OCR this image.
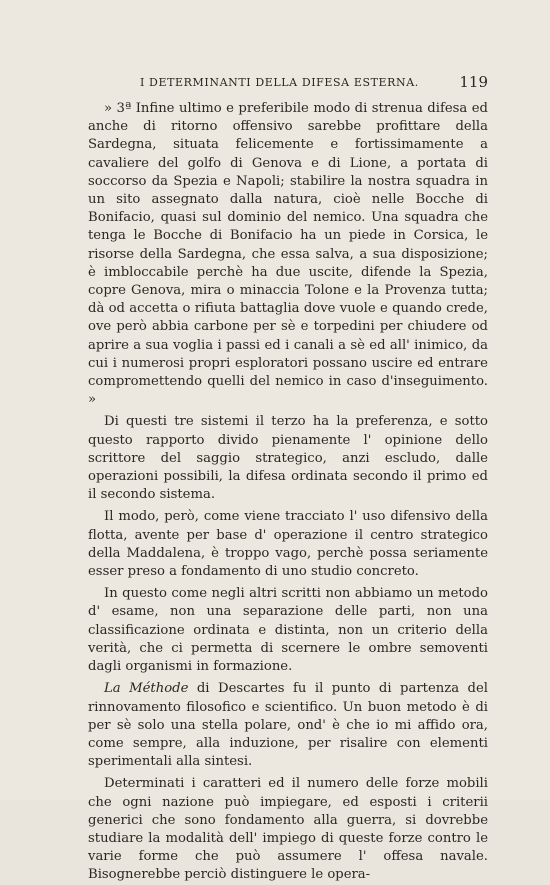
I DETERMINANTI DELLA DIFESA ESTERNA.	119

» 3ª Infine ultimo e preferibile modo di strenua difesa ed anche di ritorno offensivo sarebbe profittare della Sardegna, situata felicemente e fortissimamente a cavaliere del golfo di Genova e di Lione, a portata di soccorso da Spezia e Napoli; stabilire la nostra squadra in un sito assegnato dalla natura, cioè nelle Bocche di Bonifacio, quasi sul dominio del nemico. Una squadra che tenga le Bocche di Bonifacio ha un piede in Corsica, le risorse della Sardegna, che essa salva, a sua disposizione; è imbloccabile perchè ha due uscite, difende la Spezia, copre Genova, mira o minaccia Tolone e la Provenza tutta; dà od accetta o rifiuta battaglia dove vuole e quando crede, ove però abbia carbone per sè e torpedini per chiudere od aprire a sua voglia i passi ed i canali a sè ed all' inimico, da cui i numerosi propri esploratori possano uscire ed entrare compromettendo quelli del nemico in caso d'inseguimento. »

Di questi tre sistemi il terzo ha la preferenza, e sotto questo rapporto divido pienamente l' opinione dello scrittore del saggio strategico, anzi escludo, dalle operazioni possibili, la difesa ordinata secondo il primo ed il secondo sistema.

Il modo, però, come viene tracciato l' uso difensivo della flotta, avente per base d' operazione il centro strategico della Maddalena, è troppo vago, perchè possa seriamente esser preso a fondamento di uno studio concreto.

In questo come negli altri scritti non abbiamo un metodo d' esame, non una separazione delle parti, non una classificazione ordinata e distinta, non un criterio della verità, che ci permetta di scernere le ombre semoventi dagli organismi in formazione.

La Méthode di Descartes fu il punto di partenza del rinnovamento filosofico e scientifico. Un buon metodo è di per sè solo una stella polare, ond' è che io mi affido ora, come sempre, alla induzione, per risalire con elementi sperimentali alla sintesi.

Determinati i caratteri ed il numero delle forze mobili che ogni nazione può impiegare, ed esposti i criterii generici che sono fondamento alla guerra, si dovrebbe studiare la modalità dell' impiego di queste forze contro le varie forme che può assumere l' offesa navale. Bisognerebbe perciò distinguere le opera-
